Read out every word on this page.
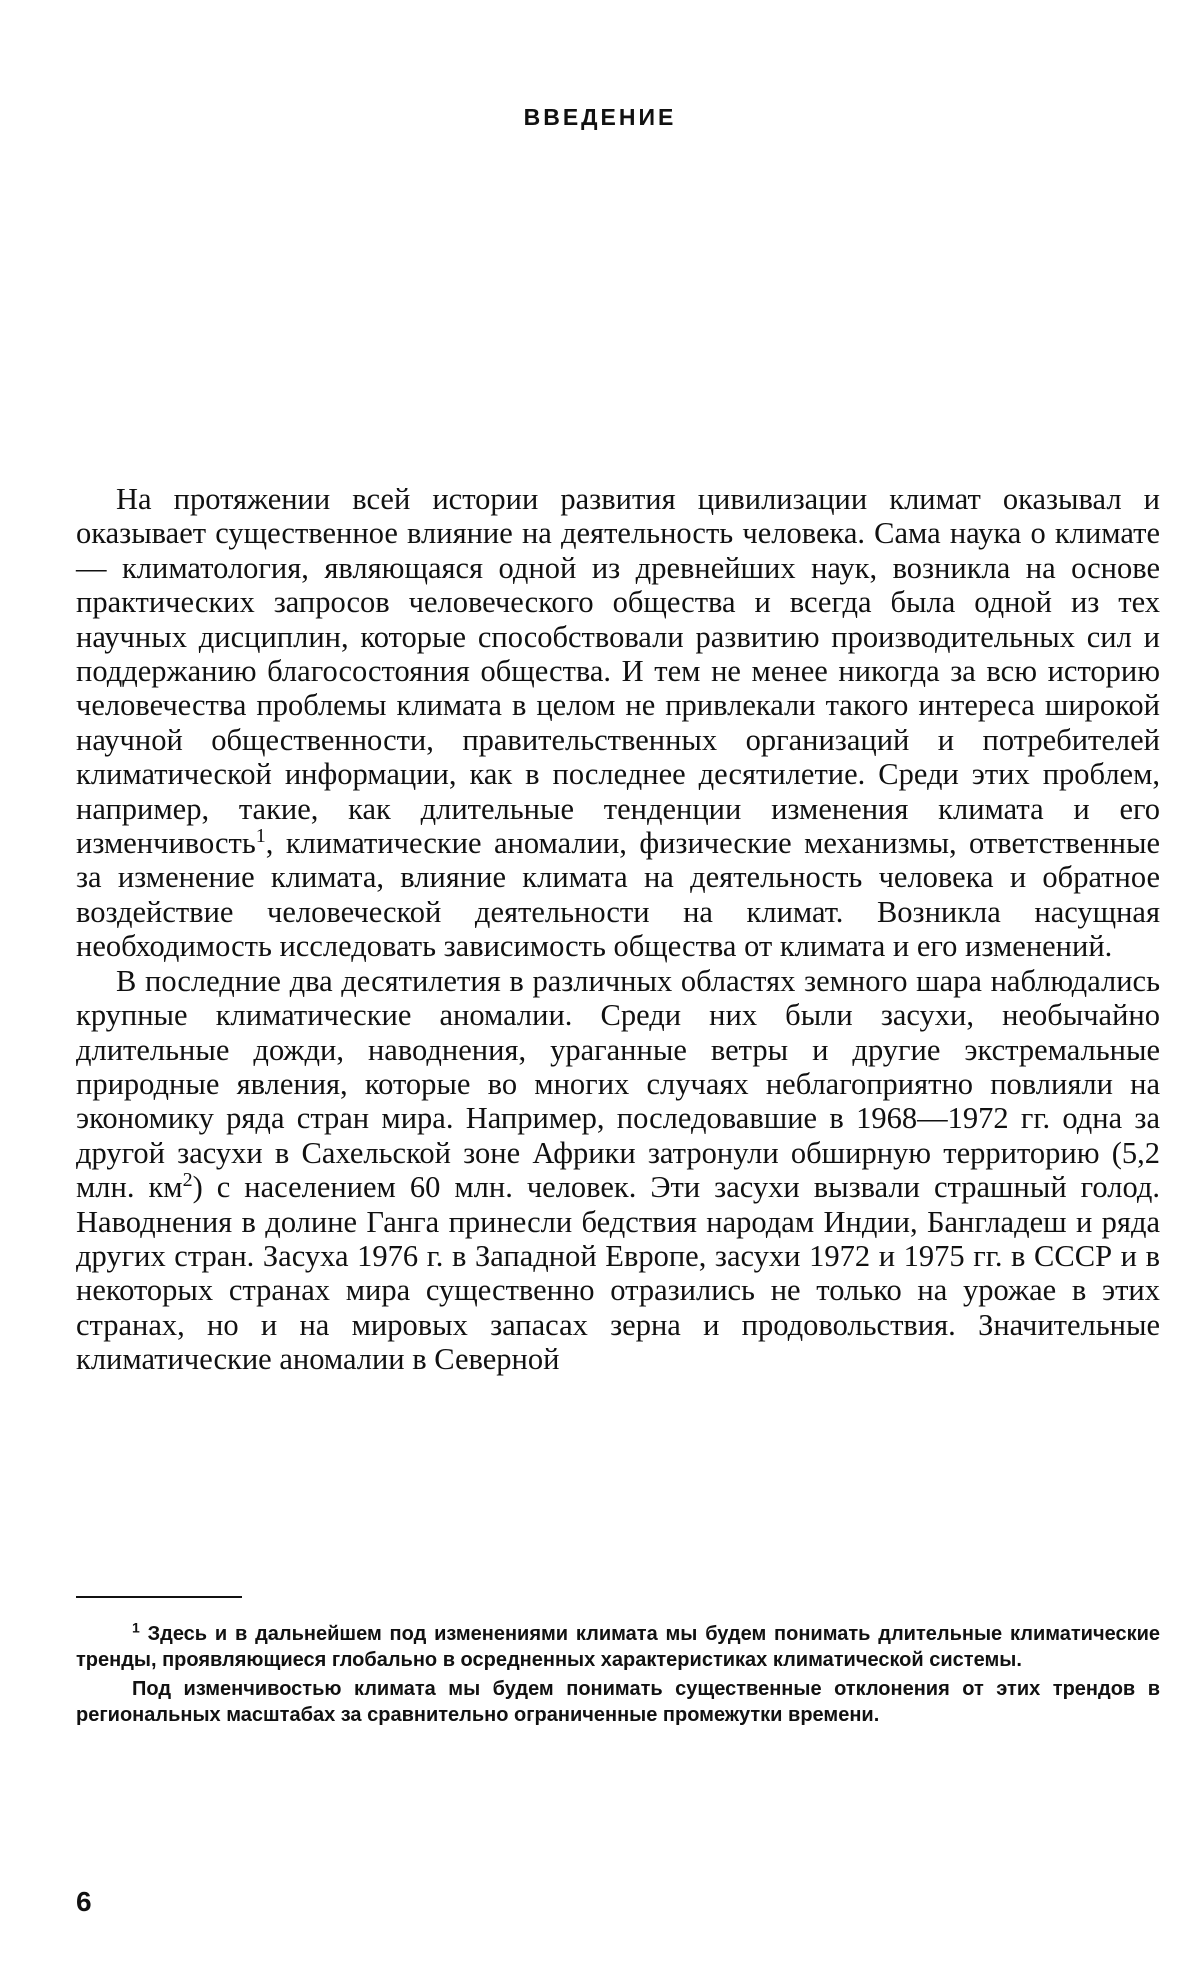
ВВЕДЕНИЕ

На протяжении всей истории развития цивилизации климат оказывал и оказывает существенное влияние на деятельность человека. Сама наука о климате — климатология, являющаяся одной из древнейших наук, возникла на основе практических запросов человеческого общества и всегда была одной из тех научных дисциплин, которые способствовали развитию производительных сил и поддержанию благосостояния общества. И тем не менее никогда за всю историю человечества проблемы климата в целом не привлекали такого интереса широкой научной общественности, правительственных организаций и потребителей климатической информации, как в последнее десятилетие. Среди этих проблем, например, такие, как длительные тенденции изменения климата и его изменчивость$^1$, климатические аномалии, физические механизмы, ответственные за изменение климата, влияние климата на деятельность человека и обратное воздействие человеческой деятельности на климат. Возникла насущная необходимость исследовать зависимость общества от климата и его изменений.

В последние два десятилетия в различных областях земного шара наблюдались крупные климатические аномалии. Среди них были засухи, необычайно длительные дожди, наводнения, ураганные ветры и другие экстремальные природные явления, которые во многих случаях неблагоприятно повлияли на экономику ряда стран мира. Например, последовавшие в 1968—1972 гг. одна за другой засухи в Сахельской зоне Африки затронули обширную территорию (5,2 млн. $км^2$) с населением 60 млн. человек. Эти засухи вызвали страшный голод. Наводнения в долине Ганга принесли бедствия народам Индии, Бангладеш и ряда других стран. Засуха 1976 г. в Западной Европе, засухи 1972 и 1975 гг. в СССР и в некоторых странах мира существенно отразились не только на урожае в этих странах, но и на мировых запасах зерна и продовольствия. Значительные климатические аномалии в Северной

$^1$ Здесь и в дальнейшем под изменениями климата мы будем понимать длительные климатические тренды, проявляющиеся глобально в осредненных характеристиках климатической системы.

Под изменчивостью климата мы будем понимать существенные отклонения от этих трендов в региональных масштабах за сравнительно ограниченные промежутки времени.

6
